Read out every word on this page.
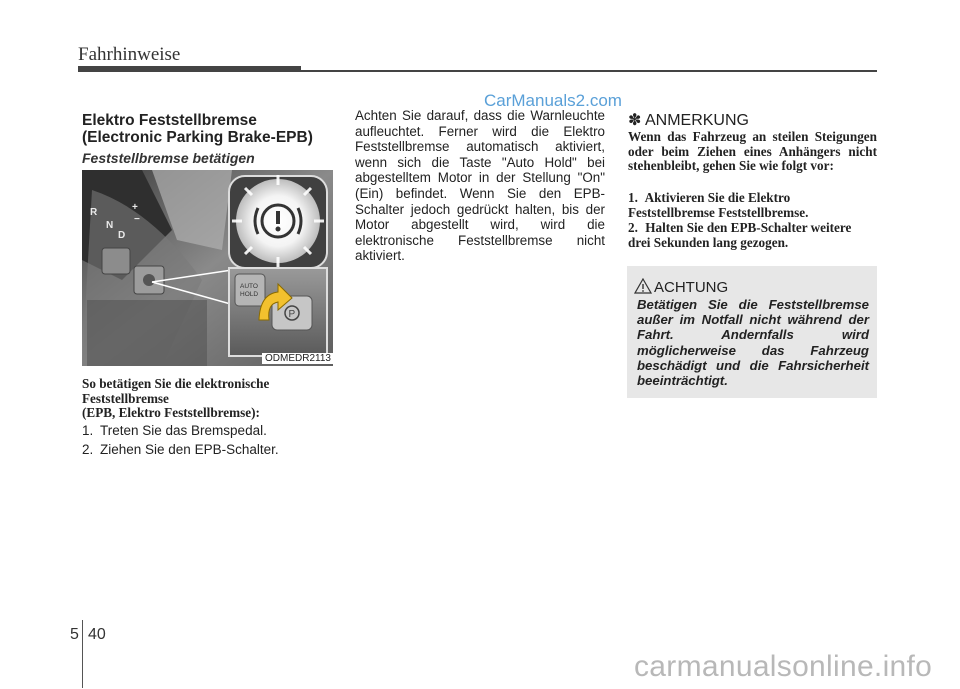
Fahrhinweise
CarManuals2.com
Elektro Feststellbremse
(Electronic Parking Brake-EPB)
Feststellbremse betätigen
R
N
D
+
−
AUTO
HOLD
P
ODMEDR2113
So betätigen Sie die elektronische
Feststellbremse
(EPB, Elektro Feststellbremse):
1. Treten Sie das Bremspedal.
2. Ziehen Sie den EPB-Schalter.
Achten Sie darauf, dass die Warnleuchte aufleuchtet. Ferner wird die Elektro Feststellbremse automatisch aktiviert, wenn sich die Taste "Auto Hold" bei abgestelltem Motor in der Stellung "On" (Ein) befindet. Wenn Sie den EPB-Schalter jedoch gedrückt halten, bis der Motor abgestellt wird, wird die elektronische Feststellbremse nicht aktiviert.
✽ ANMERKUNG
Wenn das Fahrzeug an steilen Steigungen oder beim Ziehen eines Anhängers nicht stehenbleibt, gehen Sie wie folgt vor:
1. Aktivieren Sie die Elektro Feststellbremse Feststellbremse.
2. Halten Sie den EPB-Schalter weitere drei Sekunden lang gezogen.
ACHTUNG
Betätigen Sie die Feststellbremse außer im Notfall nicht während der Fahrt. Andernfalls wird möglicherweise das Fahrzeug beschädigt und die Fahrsicherheit beeinträchtigt.
5 40
carmanualsonline.info
